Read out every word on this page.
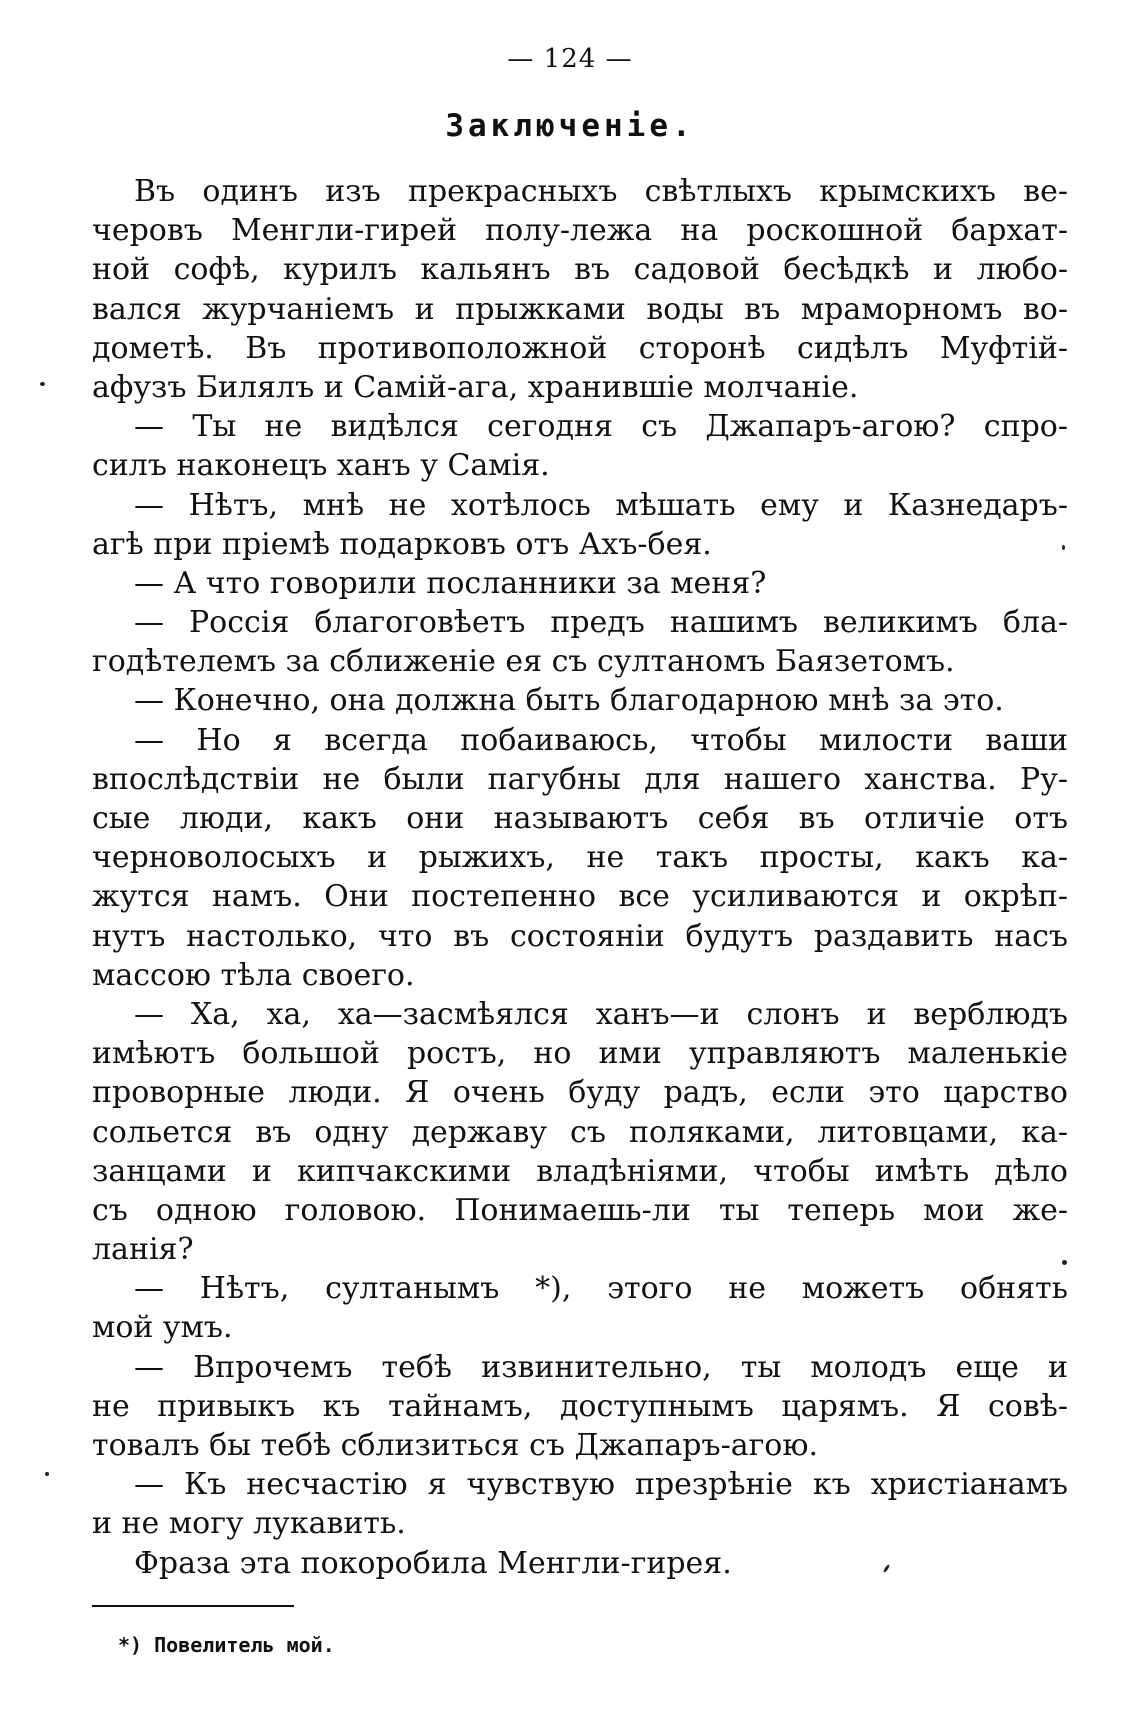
— 124 —
Заключеніе.
Въ одинъ изъ прекрасныхъ свѣтлыхъ крымскихъ ве-
черовъ Менгли-гирей полу-лежа на роскошной бархат-
ной софѣ, курилъ кальянъ въ садовой бесѣдкѣ и любо-
вался журчаніемъ и прыжками воды въ мраморномъ во-
дометѣ. Въ противоположной сторонѣ сидѣлъ Муфтій-
афузъ Билялъ и Самій-ага, хранившіе молчаніе.
— Ты не видѣлся сегодня съ Джапаръ-агою? спро-
силъ наконецъ ханъ у Самія.
— Нѣтъ, мнѣ не хотѣлось мѣшать ему и Казнедаръ-
агѣ при пріемѣ подарковъ отъ Ахъ-бея.
— А что говорили посланники за меня?
— Россія благоговѣетъ предъ нашимъ великимъ бла-
годѣтелемъ за сближеніе ея съ султаномъ Баязетомъ.
— Конечно, она должна быть благодарною мнѣ за это.
— Но я всегда побаиваюсь, чтобы милости ваши
впослѣдствіи не были пагубны для нашего ханства. Ру-
сые люди, какъ они называютъ себя въ отличіе отъ
черноволосыхъ и рыжихъ, не такъ просты, какъ ка-
жутся намъ. Они постепенно все усиливаются и окрѣп-
нутъ настолько, что въ состояніи будутъ раздавить насъ
массою тѣла своего.
— Ха, ха, ха—засмѣялся ханъ—и слонъ и верблюдъ
имѣютъ большой ростъ, но ими управляютъ маленькіе
проворные люди. Я очень буду радъ, если это царство
сольется въ одну державу съ поляками, литовцами, ка-
занцами и кипчакскими владѣніями, чтобы имѣть дѣло
съ одною головою. Понимаешь-ли ты теперь мои же-
ланія?
— Нѣтъ, султанымъ *), этого не можетъ обнять
мой умъ.
— Впрочемъ тебѣ извинительно, ты молодъ еще и
не привыкъ къ тайнамъ, доступнымъ царямъ. Я совѣ-
товалъ бы тебѣ сблизиться съ Джапаръ-агою.
— Къ несчастію я чувствую презрѣніе къ христіанамъ
и не могу лукавить.
Фраза эта покоробила Менгли-гирея.
*) Повелитель мой.
